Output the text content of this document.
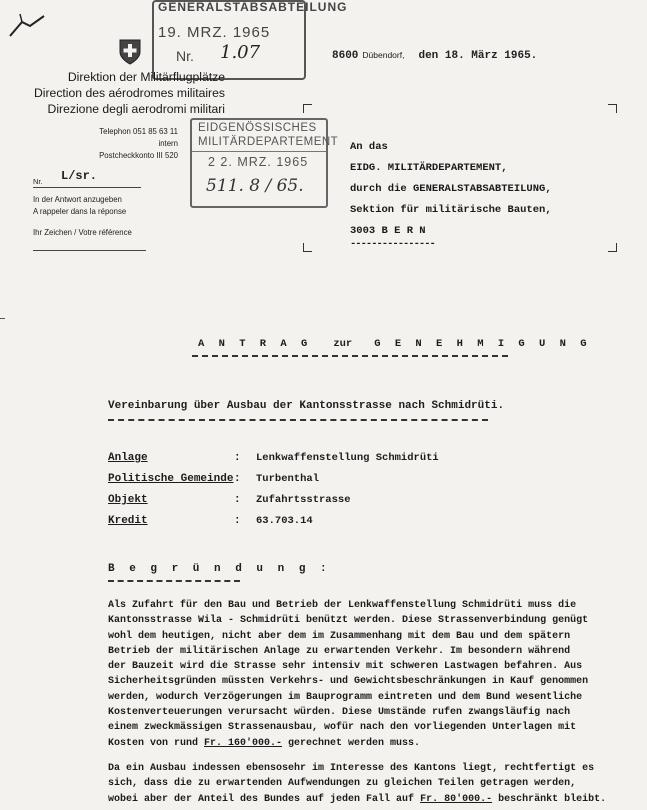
GENERALSTABSABTEILUNG
19. MRZ. 1965
Nr. 1.07
Direktion der Militärflugplätze
Direction des aérodromes militaires
Direzione degli aerodromi militari
8600 Dübendorf, den 18. März 1965.
Telephon 051 85 63 11
intern
Postcheckkonto III 520
EIDGENÖSSISCHES
MILITÄRDEPARTEMENT
2 2. MRZ. 1965
511. 8 / 65.
Nr. L/sr.
In der Antwort anzugeben
A rappeler dans la réponse
Ihr Zeichen / Votre référence
An das
EIDG. MILITÄRDEPARTEMENT,
durch die GENERALSTABSABTEILUNG,
Sektion für militärische Bauten,
3003 B E R N
----------------
A N T R A G zur G E N E H M I G U N G
Vereinbarung über Ausbau der Kantonsstrasse nach Schmidrüti.
Anlage	: Lenkwaffenstellung Schmidrüti
Politische Gemeinde : Turbenthal
Objekt	: Zufahrtsstrasse
Kredit	: 63.703.14
B e g r ü n d u n g :

Als Zufahrt für den Bau und Betrieb der Lenkwaffenstellung Schmidrüti muss die

Kantonsstrasse Wila - Schmidrüti benützt werden. Diese Strassenverbindung genügt

wohl dem heutigen, nicht aber dem im Zusammenhang mit dem Bau und dem spätern

Betrieb der militärischen Anlage zu erwartenden Verkehr. Im besondern während

der Bauzeit wird die Strasse sehr intensiv mit schweren Lastwagen befahren. Aus

Sicherheitsgründen müssten Verkehrs- und Gewichtsbeschränkungen in Kauf genommen

werden, wodurch Verzögerungen im Bauprogramm eintreten und dem Bund wesentliche

Kostenverteuerungen verursacht würden. Diese Umstände rufen zwangsläufig nach

einem zweckmässigen Strassenausbau, wofür nach den vorliegenden Unterlagen mit

Kosten von rund Fr. 160'000.- gerechnet werden muss.

Da ein Ausbau indessen ebensosehr im Interesse des Kantons liegt, rechtfertigt es

sich, dass die zu erwartenden Aufwendungen zu gleichen Teilen getragen werden,

wobei aber der Anteil des Bundes auf jeden Fall auf Fr. 80'000.- beschränkt bleibt.
